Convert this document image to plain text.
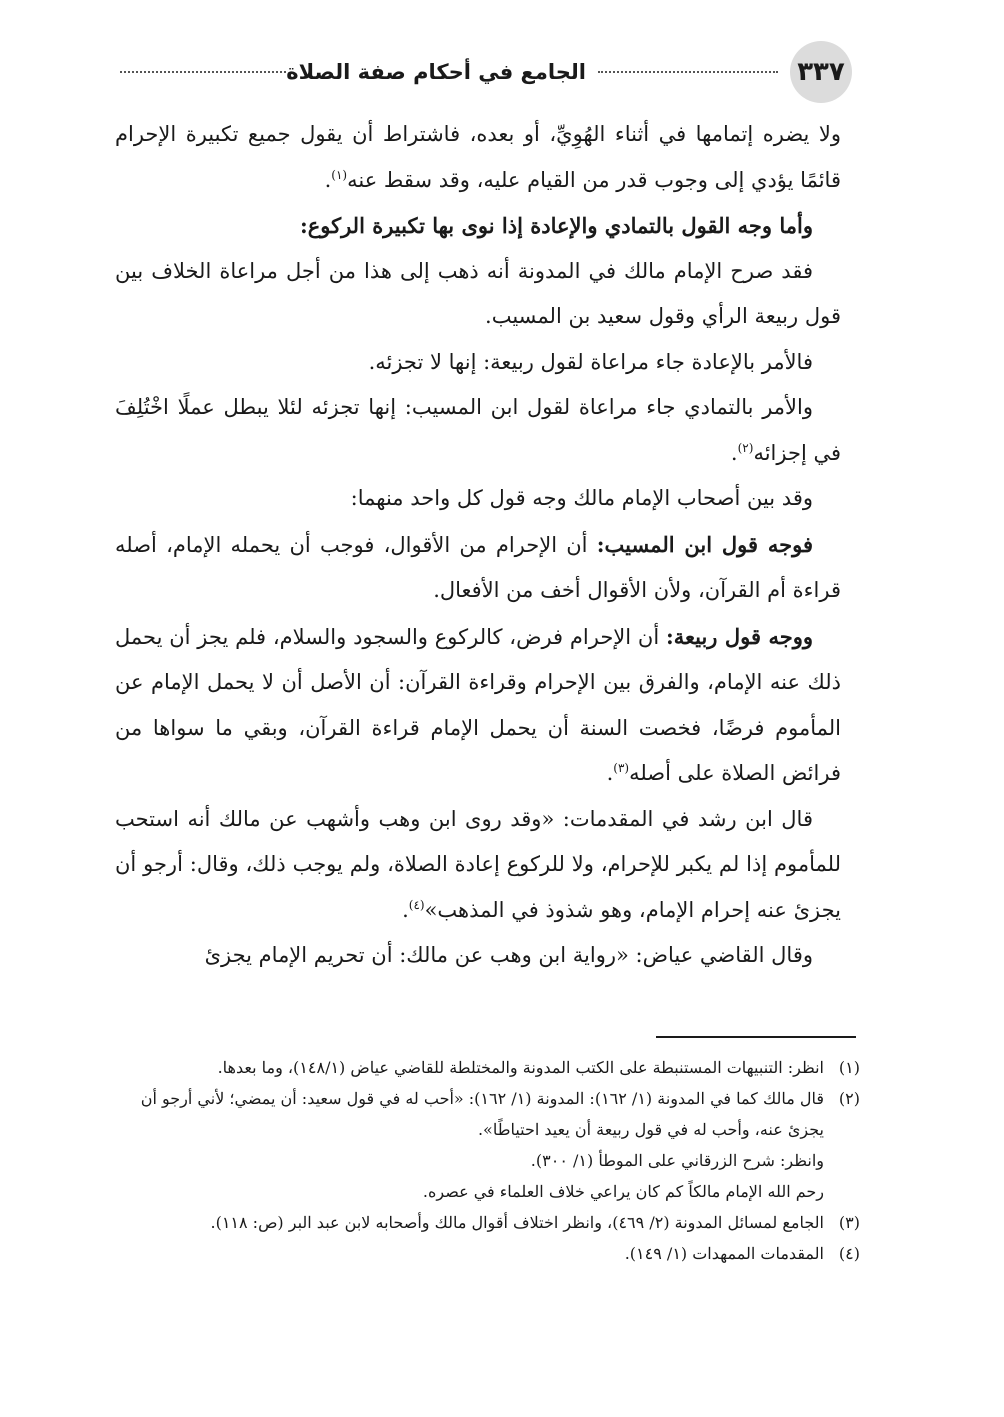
٣٣٧
الجامع في أحكام صفة الصلاة

ولا يضره إتمامها في أثناء الهُوِيِّ، أو بعده، فاشتراط أن يقول جميع تكبيرة الإحرام قائمًا يؤدي إلى وجوب قدر من القيام عليه، وقد سقط عنه$^{(١)}$.

وأما وجه القول بالتمادي والإعادة إذا نوى بها تكبيرة الركوع:

فقد صرح الإمام مالك في المدونة أنه ذهب إلى هذا من أجل مراعاة الخلاف بين قول ربيعة الرأي وقول سعيد بن المسيب.

فالأمر بالإعادة جاء مراعاة لقول ربيعة: إنها لا تجزئه.

والأمر بالتمادي جاء مراعاة لقول ابن المسيب: إنها تجزئه لئلا يبطل عملًا اخْتُلِفَ في إجزائه$^{(٢)}$.

وقد بين أصحاب الإمام مالك وجه قول كل واحد منهما:

فوجه قول ابن المسيب: أن الإحرام من الأقوال، فوجب أن يحمله الإمام، أصله قراءة أم القرآن، ولأن الأقوال أخف من الأفعال.

ووجه قول ربيعة: أن الإحرام فرض، كالركوع والسجود والسلام، فلم يجز أن يحمل ذلك عنه الإمام، والفرق بين الإحرام وقراءة القرآن: أن الأصل أن لا يحمل الإمام عن المأموم فرضًا، فخصت السنة أن يحمل الإمام قراءة القرآن، وبقي ما سواها من فرائض الصلاة على أصله$^{(٣)}$.

قال ابن رشد في المقدمات: «وقد روى ابن وهب وأشهب عن مالك أنه استحب للمأموم إذا لم يكبر للإحرام، ولا للركوع إعادة الصلاة، ولم يوجب ذلك، وقال: أرجو أن يجزئ عنه إحرام الإمام، وهو شذوذ في المذهب»$^{(٤)}$.

وقال القاضي عياض: «رواية ابن وهب عن مالك: أن تحريم الإمام يجزئ

(١)
انظر: التنبيهات المستنبطة على الكتب المدونة والمختلطة للقاضي عياض (١٤٨/١)، وما بعدها.
(٢)
قال مالك كما في المدونة (١/ ١٦٢): المدونة (١/ ١٦٢): «أحب له في قول سعيد: أن يمضي؛ لأني أرجو أن يجزئ عنه، وأحب له في قول ربيعة أن يعيد احتياطًا».
وانظر: شرح الزرقاني على الموطأ (١/ ٣٠٠).
رحم الله الإمام مالكاً كم كان يراعي خلاف العلماء في عصره.
(٣)
الجامع لمسائل المدونة (٢/ ٤٦٩)، وانظر اختلاف أقوال مالك وأصحابه لابن عبد البر (ص: ١١٨).
(٤)
المقدمات الممهدات (١/ ١٤٩).
